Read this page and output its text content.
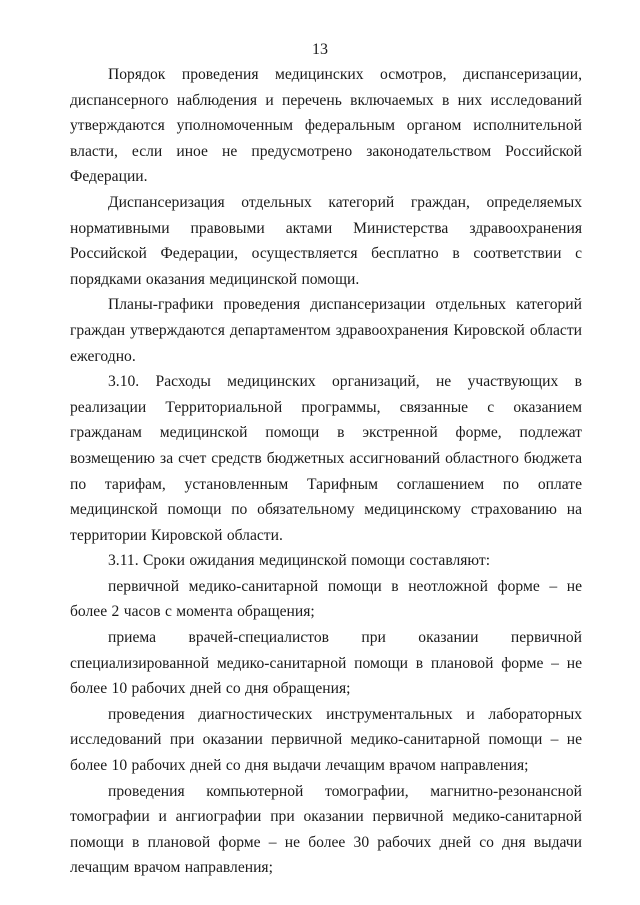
13

Порядок проведения медицинских осмотров, диспансеризации, диспансерного наблюдения и перечень включаемых в них исследований утверждаются уполномоченным федеральным органом исполнительной власти, если иное не предусмотрено законодательством Российской Федерации.

Диспансеризация отдельных категорий граждан, определяемых нормативными правовыми актами Министерства здравоохранения Российской Федерации, осуществляется бесплатно в соответствии с порядками оказания медицинской помощи.

Планы-графики проведения диспансеризации отдельных категорий граждан утверждаются департаментом здравоохранения Кировской области ежегодно.

3.10. Расходы медицинских организаций, не участвующих в реализации Территориальной программы, связанные с оказанием гражданам медицинской помощи в экстренной форме, подлежат возмещению за счет средств бюджетных ассигнований областного бюджета по тарифам, установленным Тарифным соглашением по оплате медицинской помощи по обязательному медицинскому страхованию на территории Кировской области.

3.11. Сроки ожидания медицинской помощи составляют:

первичной медико-санитарной помощи в неотложной форме – не более 2 часов с момента обращения;

приема врачей-специалистов при оказании первичной специализированной медико-санитарной помощи в плановой форме – не более 10 рабочих дней со дня обращения;

проведения диагностических инструментальных и лабораторных исследований при оказании первичной медико-санитарной помощи – не более 10 рабочих дней со дня выдачи лечащим врачом направления;

проведения компьютерной томографии, магнитно-резонансной томографии и ангиографии при оказании первичной медико-санитарной помощи в плановой форме – не более 30 рабочих дней со дня выдачи лечащим врачом направления;
